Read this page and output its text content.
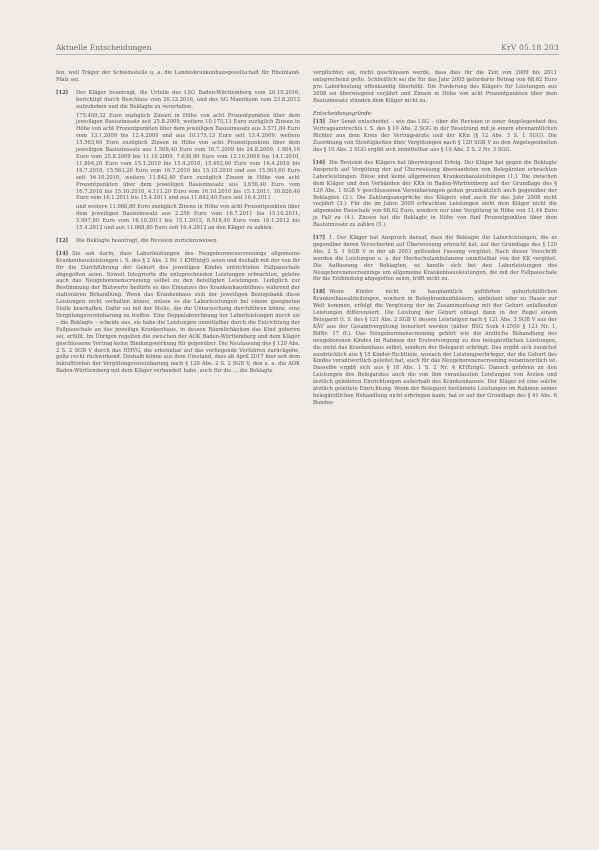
Aktuelle Entscheidungen	KrV 05.18 203
fen, weil Träger der Schiedsstelle u. a. die Landeskrankenhausgesellschaft für Rheinland-Pfalz sei.
[12] Der Kläger beantragt, die Urteile des LSG Baden-Württemberg vom 26.10.2016, berichtigt durch Beschluss vom 20.12.2016, und des SG Mannheim vom 23.8.2012 aufzuheben und die Beklagte zu verurteilen,
175.409,32 Euro zuzüglich Zinsen in Höhe von acht Prozentpunkten über dem jeweiligen Basiszinssatz seit 25.8.2009, weitere 10.175,13 Euro zuzüglich Zinsen in Höhe von acht Prozentpunkten über dem jeweiligen Basiszinssatz aus 3.571,84 Euro vom 13.1.2009 bis 12.4.2009 und aus 10.175,13 Euro seit 13.4.2009, weitere 15.563,60 Euro zuzüglich Zinsen in Höhe von acht Prozentpunkten über dem jeweiligen Basiszinssatz aus 1.568,40 Euro vom 16.7.2009 bis 24.8.2009, 1.904,16 Euro vom 25.8.2009 bis 11.10.2009, 7.638,80 Euro vom 12.10.2009 bis 14.1.2010, 11.804,20 Euro vom 15.1.2010 bis 15.4.2010, 15.402,60 Euro vom 16.4.2010 bis 16.7.2010, 15.563,20 Euro vom 16.7.2010 bis 15.10.2010 und aus 15.563,60 Euro seit 16.10.2010, weitere 11.842,40 Euro zuzüglich Zinsen in Höhe von acht Prozentpunkten über dem jeweiligen Basiszinssatz aus 3.656,40 Euro vom 16.7.2010 bis 15.10.2010, 4.111,20 Euro vom 16.10.2010 bis 15.1.2011, 10.826,40 Euro vom 16.1.2011 bis 15.4.2011 und aus 11.842,40 Euro seit 16.4.2011
und weitere 11.668,80 Euro zuzüglich Zinsen in Höhe von acht Prozentpunkten über dem jeweiligen Basiszinssatz aus 2.256 Euro vom 16.7.2011 bis 15.10.2011, 5.997,60 Euro vom 16.10.2011 bis 15.1.2012, 8.518,40 Euro vom 16.1.2012 bis 15.4.2012 und aus 11.668,80 Euro seit 16.4.2012 an den Kläger zu zahlen.
[12] Die Beklagte beantragt, die Revision zurückzuweisen.
[14] Sie sah darin, dass Laborleistungen des Neugeborenenscreenings allgemeine Krankenhausleistungen i. S. des § 2 Abs. 2 Nr. 1 KHEntgG seien und deshalb mit der von ihr für die Durchführung der Geburt des jeweiligen Kindes entrichteten Fallpauschale abgegolten seien. Soweit Integrierte die entsprechenden Leistungen erbrachten, gehöre auch das Neugeborenenscreening selbst zu den beteiligten Leistungen. Lediglich zur Bestimmung der Blutwerte bedürfe es des Einsatzes des Krankenhausbühnes während der stationären Behandlung. Wenn das Krankenhaus sich der jeweiligen Bezugsbank diese Leistungen nicht verhalten könne, müsse es die Laborleistungen bei einem geeigneten Stelle beschaffen. Dafür sei mit der Stelle, die die Untersuchung durchführen könne, eine Vergütungsvereinbarung zu treffen. Eine Doppelabrechnung der Laborleistungen durch sie – die Beklagte – scheide aus, sie habe die Leistungen unmittelbar durch die Entrichtung der Fallpauschale an das jeweilige Krankenhaus, in dessen Räumlichkeiten das Kind geboren sei, erfüllt. Im Übrigen regelten die zwischen der AOK Baden-Württemberg und dem Kläger geschlossene Vertrag keine Bindungswirkung für gegenüber. Die Neufassung des § 120 Abs. 2 S. 2 SGB V durch das HHVG, die erkennbar auf das vorliegende Verfahren zurückgehe, gelte recht rückwirkend. Deshalb könne aus dem Umstand, dass ab April 2017 hier seit dem Inkrafttreten der Vergütungsvereinbarung nach § 120 Abs. 2 S. 2 SGB V, den u. a. die AOK Baden-Württemberg mit dem Kläger verhandelt habe, auch für die ... die Beklagte
verpflichtet sei, nicht geschlossen werde, dass dies für die Zeit von 2009 bis 2011 entsprechend gelte. Schließlich sei die für das Jahr 2005 geforderte Betrag von 68,62 Euro pro Laborleistung offenkundig überhöht. Die Forderung des Klägers für Leistungen aus 2008 sei überwiegend verjährt und Zinsen in Höhe von acht Prozentpunkten über dem Basiszinssatz stünden dem Kläger nicht zu.
Entscheidungsgründe:
[15] Der Senat entscheidet – wie das LSG – über die Revision in einer Angelegenheit des Vertragsarztrechts i. S. des § 10 Abs. 2 SGG in der Besetzung mit je einem ehrenamtlichen Richter aus dem Kreis der Vertragsärzte und der KKn (§ 12 Abs. 3 S. 1 SGG). Die Zuordnung von Streitigkeiten über Vergütungen nach § 120 SGB V zu den Angelegenheiten des § 10 Abs. 2 SGG ergibt sich unmittelbar aus § 10 Abs. 2 S. 2 Nr. 3 SGG.
[16] Die Revision des Klägers hat überwiegend Erfolg. Der Kläger hat gegen die Beklagte Anspruch auf Vergütung der auf Überweisung übersandeten von Belegärzten erbrachten Laborleistungen. Diese sind keine allgemeinen Krankenhausleistungen (1.). Die zwischen dem Kläger und den Verbänden der KKn in Baden-Württemberg auf der Grundlage des § 120 Abs. 1 SGB V geschlossenen Vereinbarungen gelten grundsätzlich auch gegenüber der Beklagten (2.). Die Zahlungsansprüche des Klägers sind auch für das Jahr 2008 nicht verjährt (3.). Für die im Jahre 2009 erbrachten Leistungen steht dem Kläger nicht die allgemeine Pauschale von 68,62 Euro, sondern nur eine Vergütung in Höhe von 11,44 Euro je Fall zu (4.). Zinsen hat die Beklagte in Höhe von fünf Prozentpunkten über dem Basiszinssatz zu zahlen (5.).
[17] 1. Der Kläger hat Anspruch darauf, dass die Beklagte die Laborleistungen, die er gegenüber deren Versicherten auf Überweisung erbracht hat, auf der Grundlage des § 120 Abs. 2 S. 1 SGB V in der ab 2003 geltenden Fassung vergütet. Nach dieser Vorschrift werden die Leistungen u. a. der Hochschulambulanzen unmittelbar von der KK vergütet. Die Auffassung der Beklagten, es handle sich bei den Laborleistungen des Neugeborenenscreenings um allgemeine Krankenhausleistungen, die mit der Fallpauschale für die Entbindung abgegolten seien, trifft nicht zu.
[18] Wenn Kinder nicht in hauptamtlich geführten geburtshilflichen Krankenhausabteilungen, sondern in Belegkrankenhäusern, ambulant oder zu Hause zur Welt kommen, erfolgt die Vergütung der im Zusammenhang mit der Geburt anfallenden Leistungen differenziert. Die Leistung der Geburt obliegt dann in der Regel einem Belegarzt (i. S. des § 121 Abs. 2 SGB V, dessen Leistungen nach § 121 Abs. 3 SGB V aus der KÄV aus der Gesamtvergütung honoriert werden (näher BSG Sozk 4-2500 § 121 Nr. 1, RdNr. 17 ff.). Das Neugeborenenscreening gehört wie die ärztliche Behandlung des neugeborenen Kindes im Rahmen der Erstversorgung zu den belegärztlichen Leistungen, die nicht das Krankenhaus selbst, sondern der Belegarzt erbringt. Das ergibt sich zunächst ausdrücklich aus § 18 Kinder-Richtlinie, wonach der Leistungserbringer, der die Geburt des Kindes verantwortlich geleitet hat, auch für das Neugeborenenscreening verantwortlich ist. Dasselbe ergibt sich aus § 18 Abs. 1 S. 2 Nr. 4 KHEntgG. Danach gehören zu den Leistungen des Belegarztes auch die von ihm veranlassten Leistungen von Ärzten und ärztlich geleiteten Einrichtungen außerhalb des Krankenhauses. Der Kläger ist eine solche ärztlich geleitete Einrichtung. Wenn der Belegarzt bestimmte Leistungen im Rahmen seiner belegärztlichen Behandlung nicht erbringen kann, hat er auf der Grundlage des § 41 Abs. 6 Bundes-
